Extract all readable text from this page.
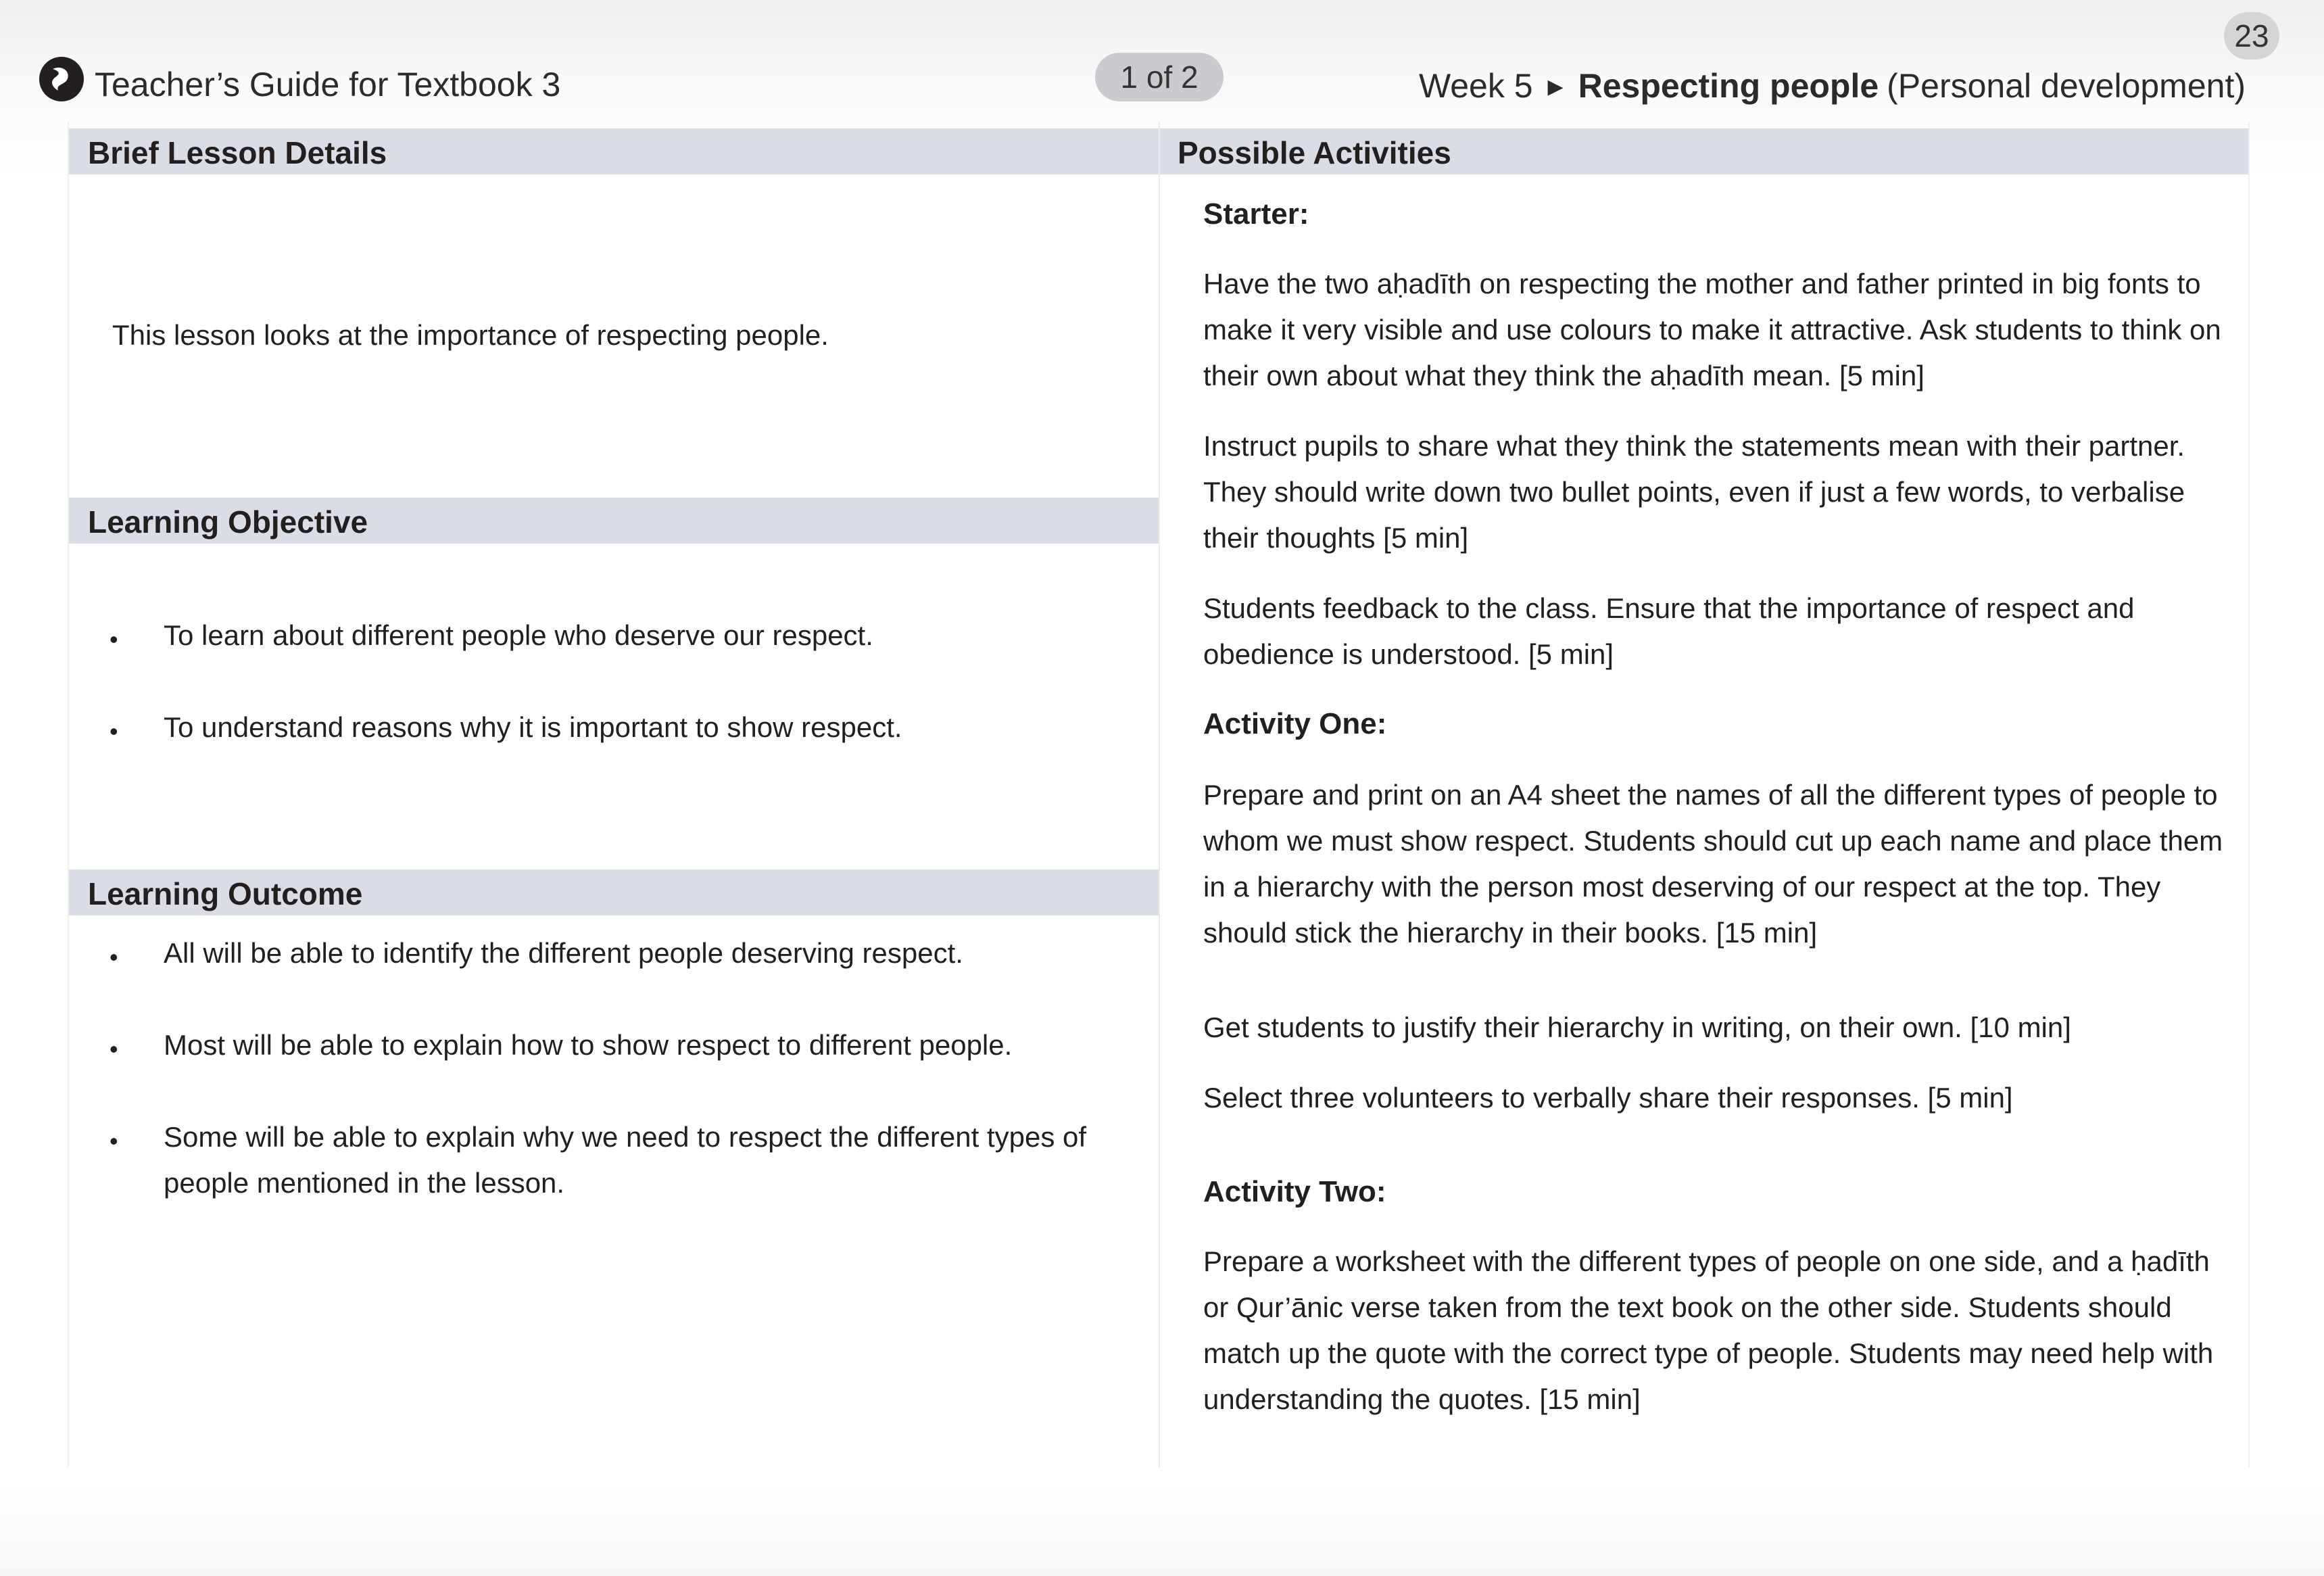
Teacher’s Guide for Textbook 3	1 of 2
23
Week 5 ▶ Respecting people (Personal development)
Brief Lesson Details
This lesson looks at the importance of respecting people.
Learning Objective
• To learn about different people who deserve our respect.
• To understand reasons why it is important to show respect.
Learning Outcome
• All will be able to identify the different people deserving respect.
• Most will be able to explain how to show respect to different people.
• Some will be able to explain why we need to respect the different types of people mentioned in the lesson.
Possible Activities
Starter:

Have the two aḥadīth on respecting the mother and father printed in big fonts to make it very visible and use colours to make it attractive. Ask students to think on their own about what they think the aḥadīth mean. [5 min]

Instruct pupils to share what they think the statements mean with their partner. They should write down two bullet points, even if just a few words, to verbalise their thoughts [5 min]

Students feedback to the class. Ensure that the importance of respect and obedience is understood. [5 min]

Activity One:

Prepare and print on an A4 sheet the names of all the different types of people to whom we must show respect. Students should cut up each name and place them in a hierarchy with the person most deserving of our respect at the top. They should stick the hierarchy in their books. [15 min]

Get students to justify their hierarchy in writing, on their own. [10 min]

Select three volunteers to verbally share their responses. [5 min]

Activity Two:

Prepare a worksheet with the different types of people on one side, and a ḥadīth or Qur’ānic verse taken from the text book on the other side. Students should match up the quote with the correct type of people. Students may need help with understanding the quotes. [15 min]
